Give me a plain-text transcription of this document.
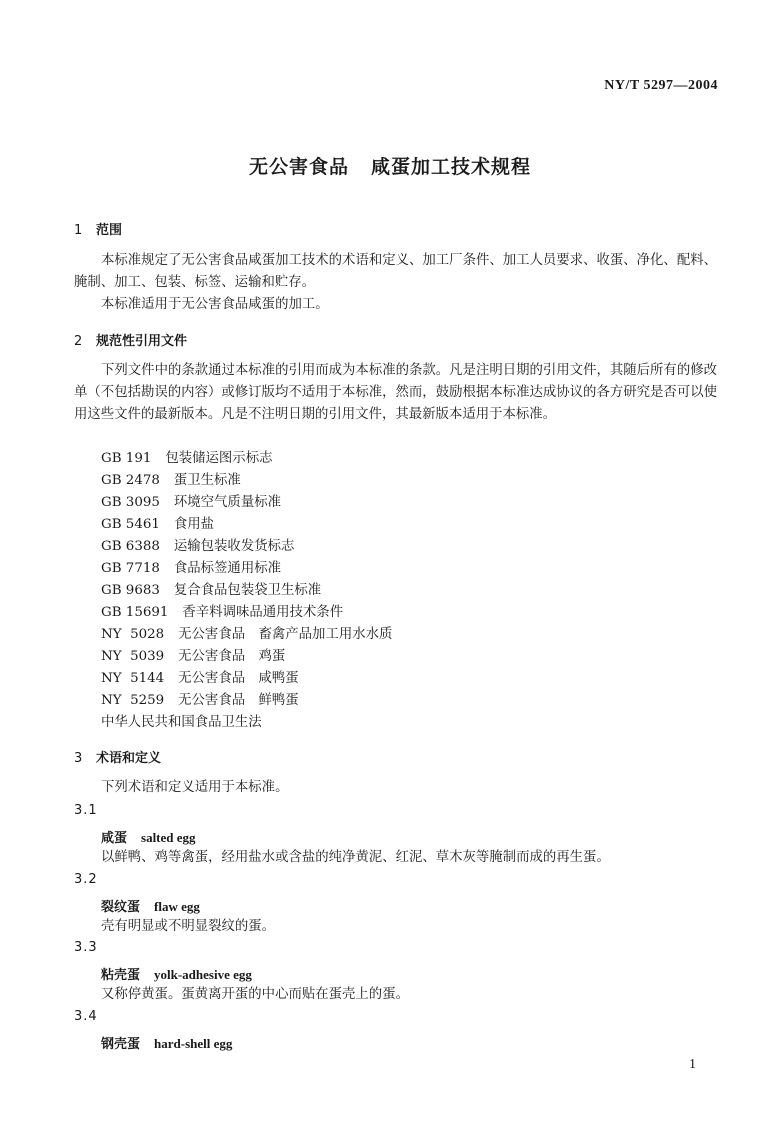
NY/T 5297—2004
无公害食品 咸蛋加工技术规程
1 范围

本标准规定了无公害食品咸蛋加工技术的术语和定义、加工厂条件、加工人员要求、收蛋、净化、配料、腌制、加工、包装、标签、运输和贮存。

本标准适用于无公害食品咸蛋的加工。
2 规范性引用文件

下列文件中的条款通过本标准的引用而成为本标准的条款。凡是注明日期的引用文件，其随后所有的修改单（不包括勘误的内容）或修订版均不适用于本标准，然而，鼓励根据本标准达成协议的各方研究是否可以使用这些文件的最新版本。凡是不注明日期的引用文件，其最新版本适用于本标准。

GB 191 包装储运图示标志
GB 2478 蛋卫生标准
GB 3095 环境空气质量标准
GB 5461 食用盐
GB 6388 运输包装收发货标志
GB 7718 食品标签通用标准
GB 9683 复合食品包装袋卫生标准
GB 15691 香辛料调味品通用技术条件
NY  5028 无公害食品　畜禽产品加工用水水质
NY  5039 无公害食品　鸡蛋
NY  5144 无公害食品　咸鸭蛋
NY  5259 无公害食品　鲜鸭蛋
中华人民共和国食品卫生法
3 术语和定义
下列术语和定义适用于本标准。
3.1
咸蛋 salted egg
以鲜鸭、鸡等禽蛋，经用盐水或含盐的纯净黄泥、红泥、草木灰等腌制而成的再生蛋。
3.2
裂纹蛋 flaw egg
壳有明显或不明显裂纹的蛋。
3.3
粘壳蛋 yolk-adhesive egg
又称停黄蛋。蛋黄离开蛋的中心而贴在蛋壳上的蛋。
3.4
钢壳蛋 hard-shell egg
1
